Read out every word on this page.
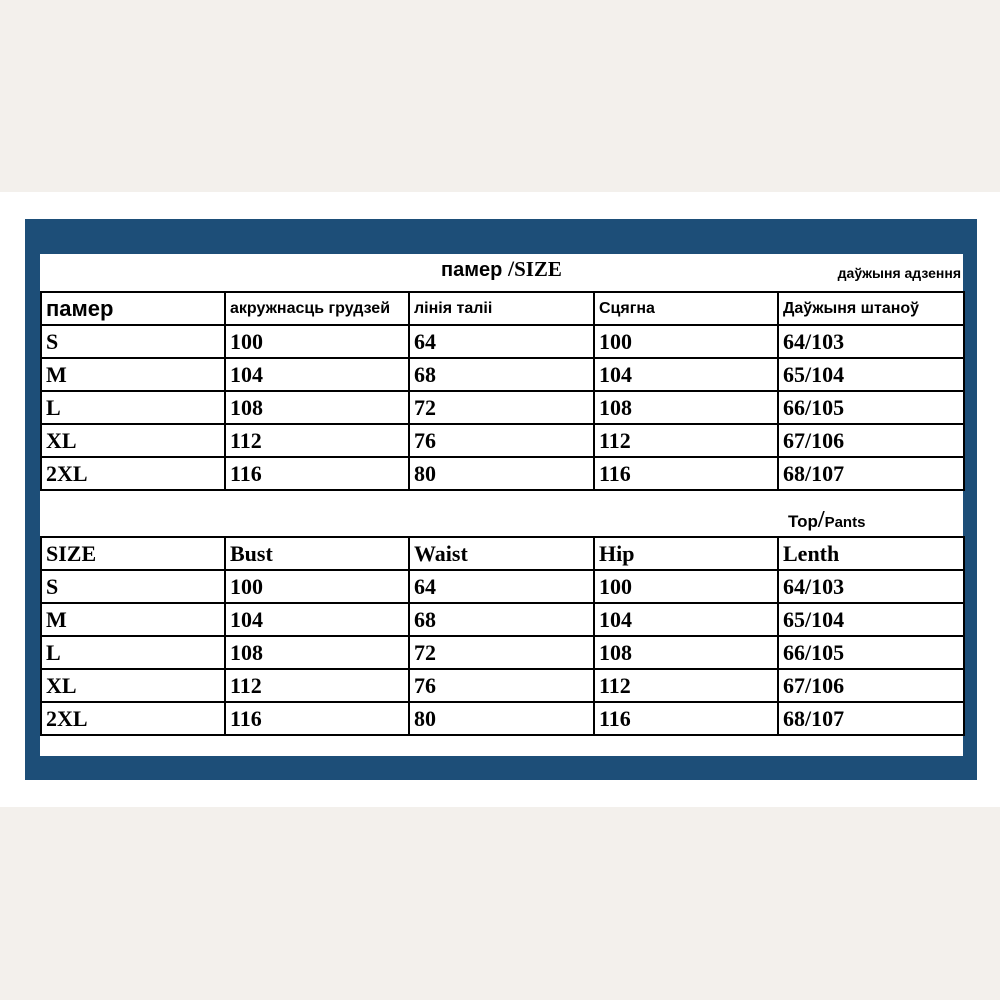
памер /SIZE	даўжыня адзення
памер	акружнасць грудзей	лінія таліі	Сцягна	Даўжыня штаноў
S	100	64	100	64/103
M	104	68	104	65/104
L	108	72	108	66/105
XL	112	76	112	67/106
2XL	116	80	116	68/107
Top/Pants
SIZE	Bust	Waist	Hip	Lenth
S	100	64	100	64/103
M	104	68	104	65/104
L	108	72	108	66/105
XL	112	76	112	67/106
2XL	116	80	116	68/107
